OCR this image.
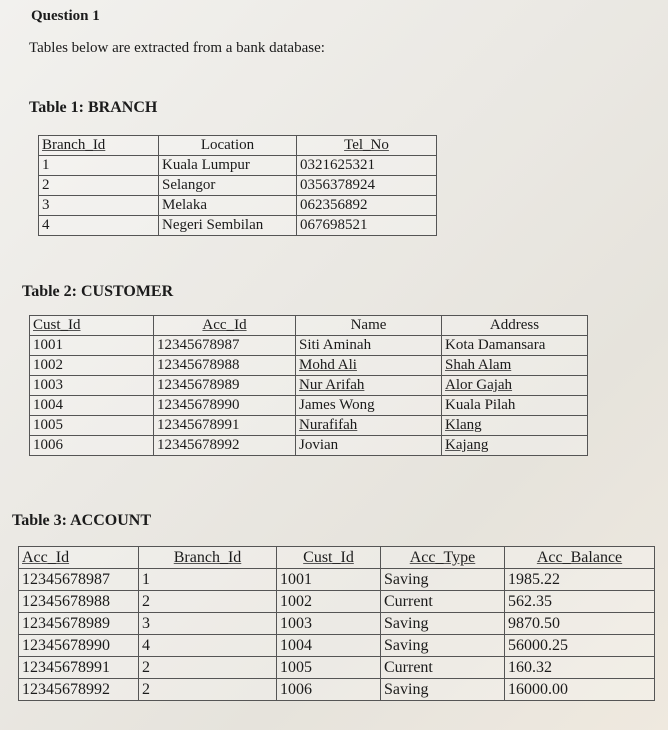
Question 1
Tables below are extracted from a bank database:
Table 1: BRANCH
Branch_Id	Location	Tel_No
1	Kuala Lumpur	0321625321
2	Selangor	0356378924
3	Melaka	062356892
4	Negeri Sembilan	067698521
Table 2: CUSTOMER
Cust_Id	Acc_Id	Name	Address
1001	12345678987	Siti Aminah	Kota Damansara
1002	12345678988	Mohd Ali	Shah Alam
1003	12345678989	Nur Arifah	Alor Gajah
1004	12345678990	James Wong	Kuala Pilah
1005	12345678991	Nurafifah	Klang
1006	12345678992	Jovian	Kajang
Table 3: ACCOUNT
Acc_Id	Branch_Id	Cust_Id	Acc_Type	Acc_Balance
12345678987	1	1001	Saving	1985.22
12345678988	2	1002	Current	562.35
12345678989	3	1003	Saving	9870.50
12345678990	4	1004	Saving	56000.25
12345678991	2	1005	Current	160.32
12345678992	2	1006	Saving	16000.00
